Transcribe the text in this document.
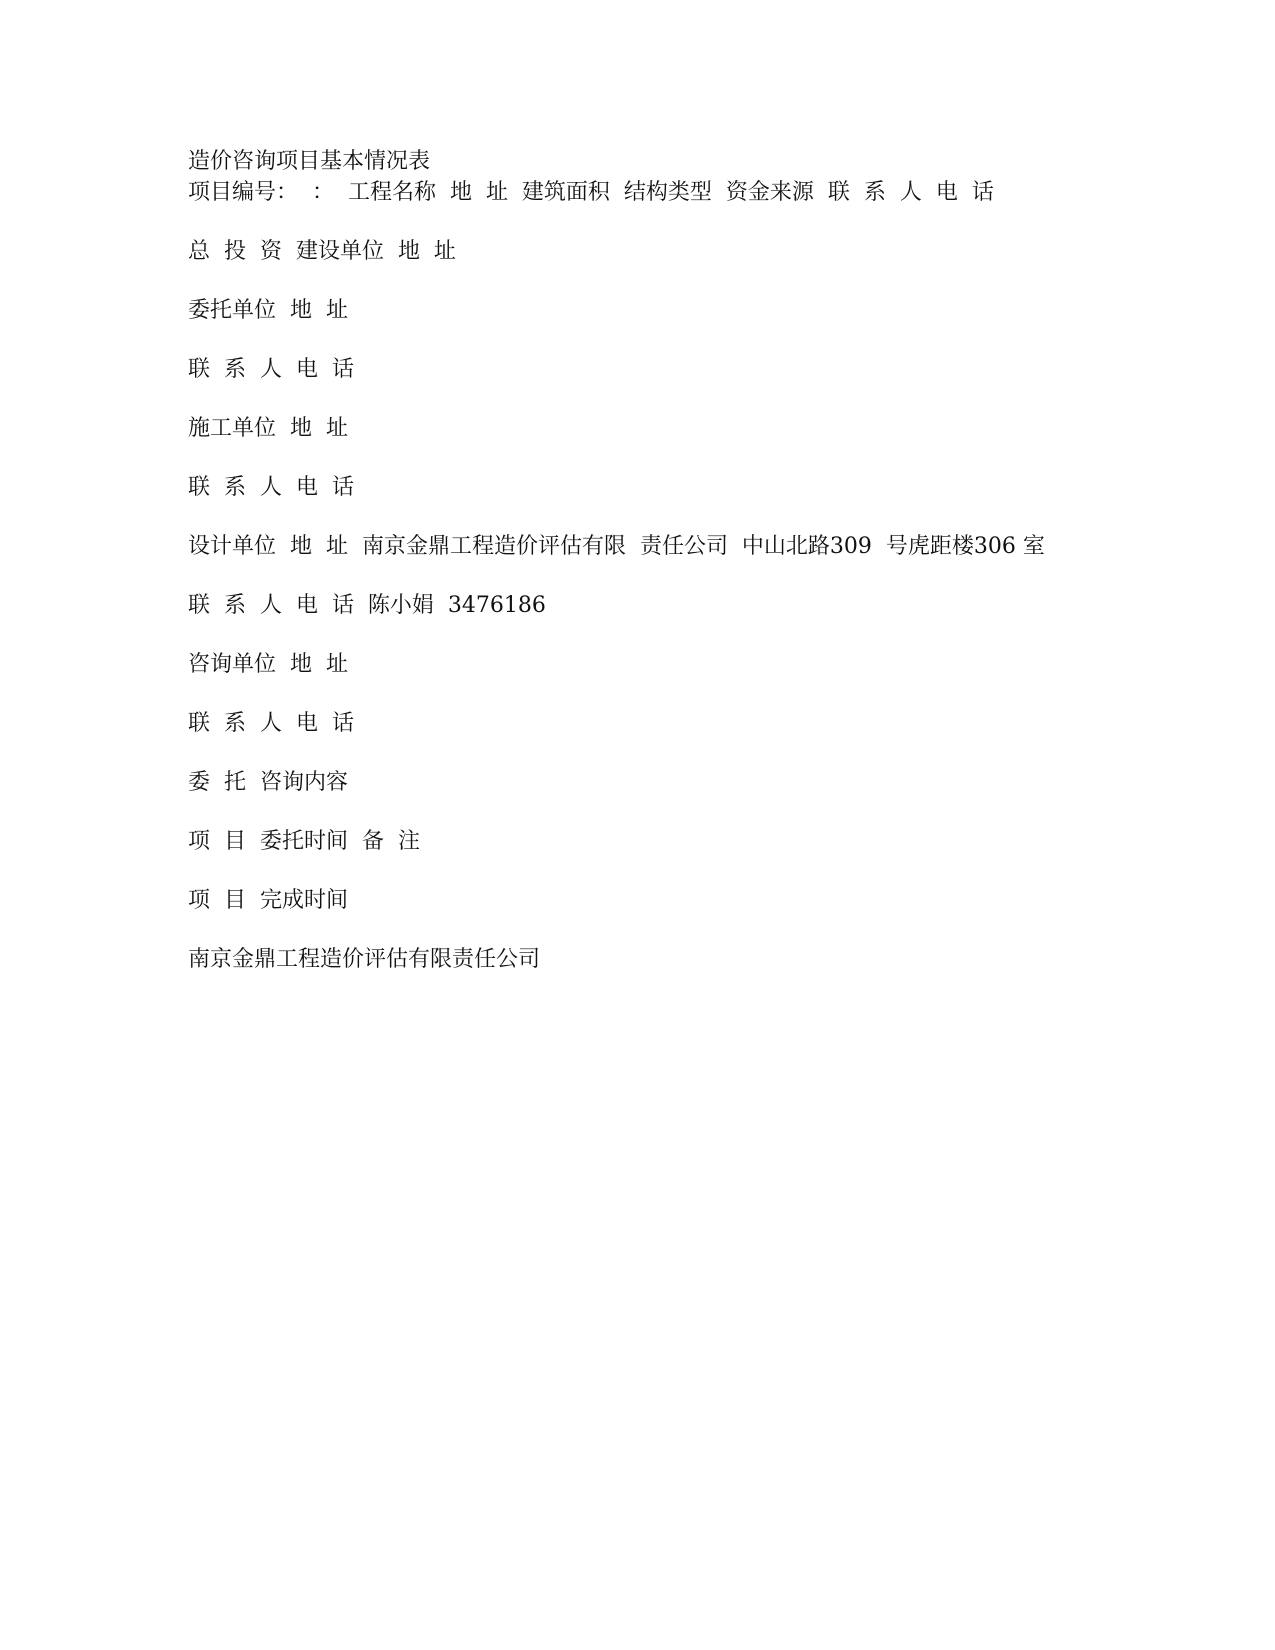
造价咨询项目基本情况表

项目编号：  ：  工程名称  地  址  建筑面积  结构类型  资金来源  联  系  人  电  话

总  投  资  建设单位  地  址

委托单位  地  址

联  系  人  电  话

施工单位  地  址

联  系  人  电  话

设计单位  地  址  南京金鼎工程造价评估有限  责任公司  中山北路309  号虎距楼306 室

联  系  人  电  话  陈小娟  3476186

咨询单位  地  址

联  系  人  电  话

委  托  咨询内容

项  目  委托时间  备  注

项  目  完成时间

南京金鼎工程造价评估有限责任公司
